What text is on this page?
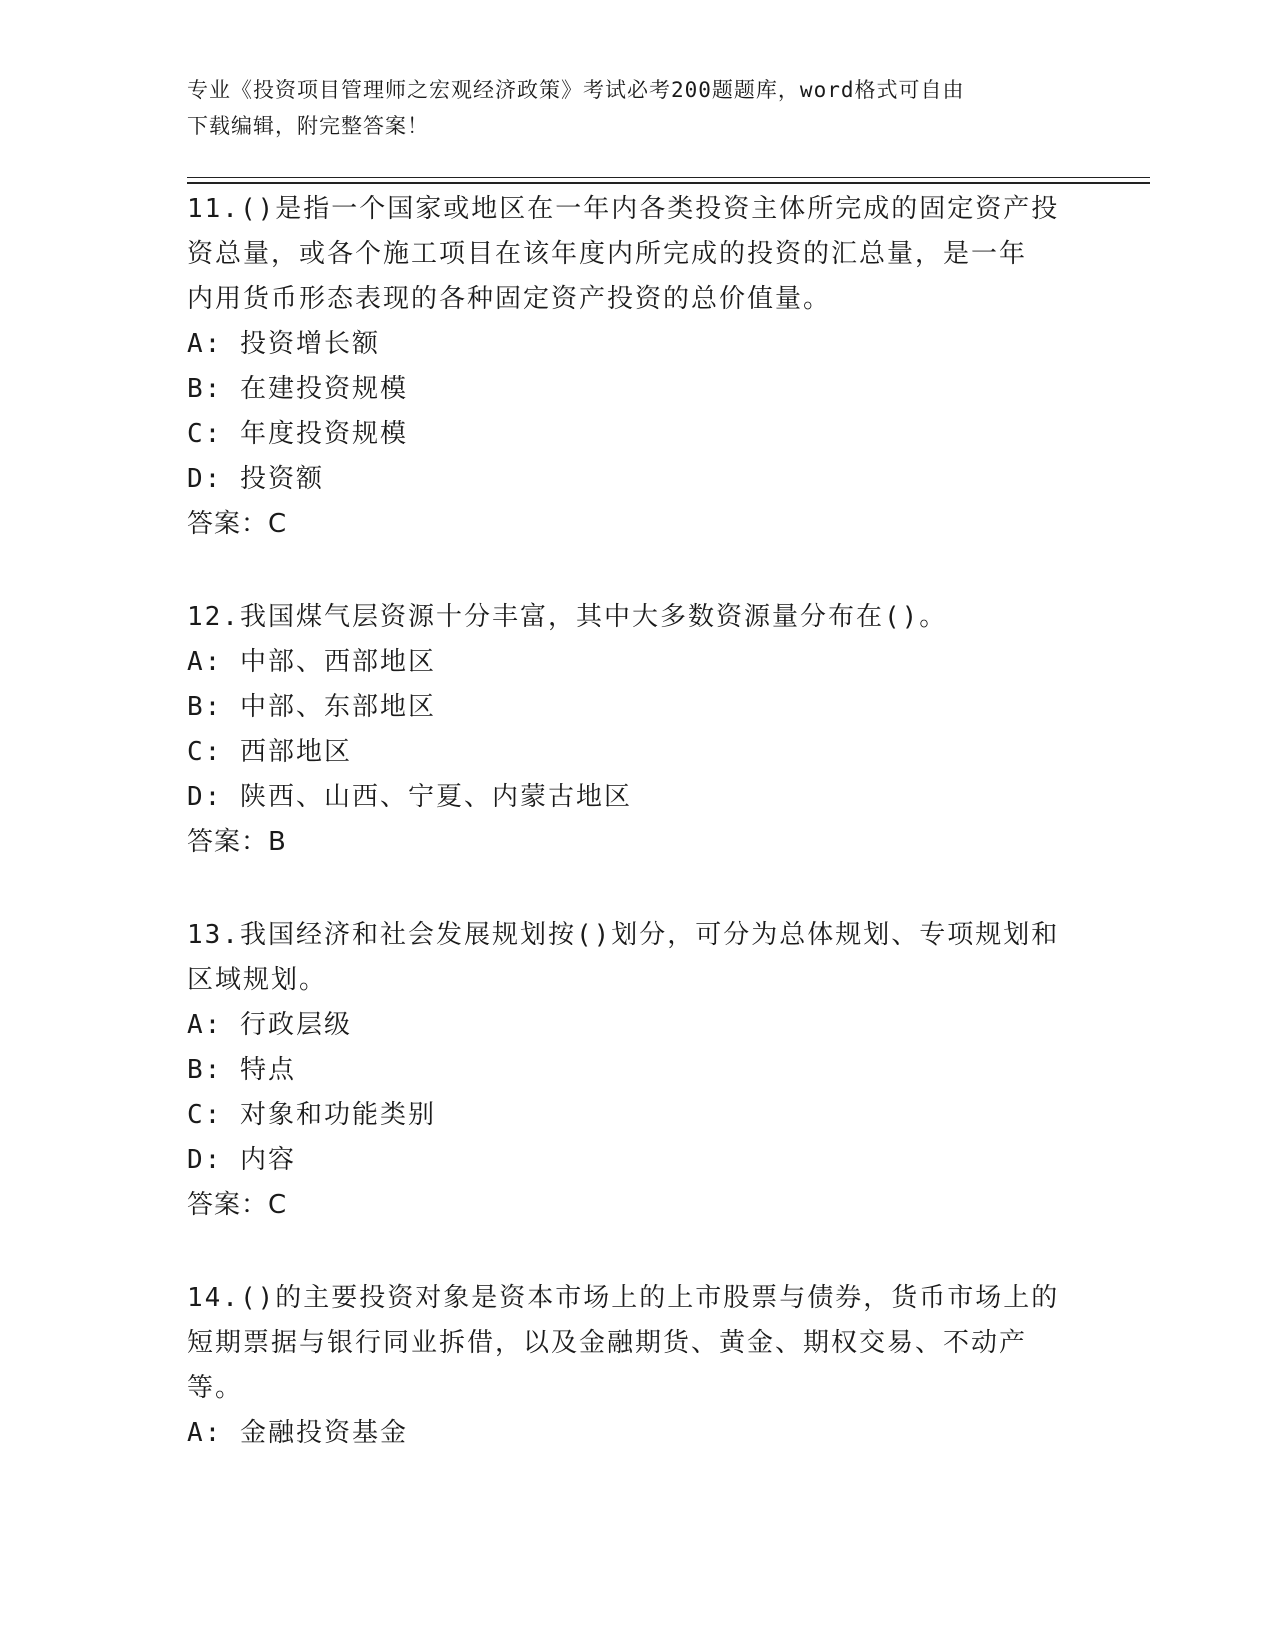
专业《投资项目管理师之宏观经济政策》考试必考200题题库，word格式可自由
下载编辑，附完整答案！

11.()是指一个国家或地区在一年内各类投资主体所完成的固定资产投

资总量，或各个施工项目在该年度内所完成的投资的汇总量，是一年

内用货币形态表现的各种固定资产投资的总价值量。

A: 投资增长额

B: 在建投资规模

C: 年度投资规模

D: 投资额

答案：C

12.我国煤气层资源十分丰富，其中大多数资源量分布在()。

A: 中部、西部地区

B: 中部、东部地区

C: 西部地区

D: 陕西、山西、宁夏、内蒙古地区

答案：B

13.我国经济和社会发展规划按()划分，可分为总体规划、专项规划和

区域规划。

A: 行政层级

B: 特点

C: 对象和功能类别

D: 内容

答案：C

14.()的主要投资对象是资本市场上的上市股票与债券，货币市场上的

短期票据与银行同业拆借，以及金融期货、黄金、期权交易、不动产

等。

A: 金融投资基金
